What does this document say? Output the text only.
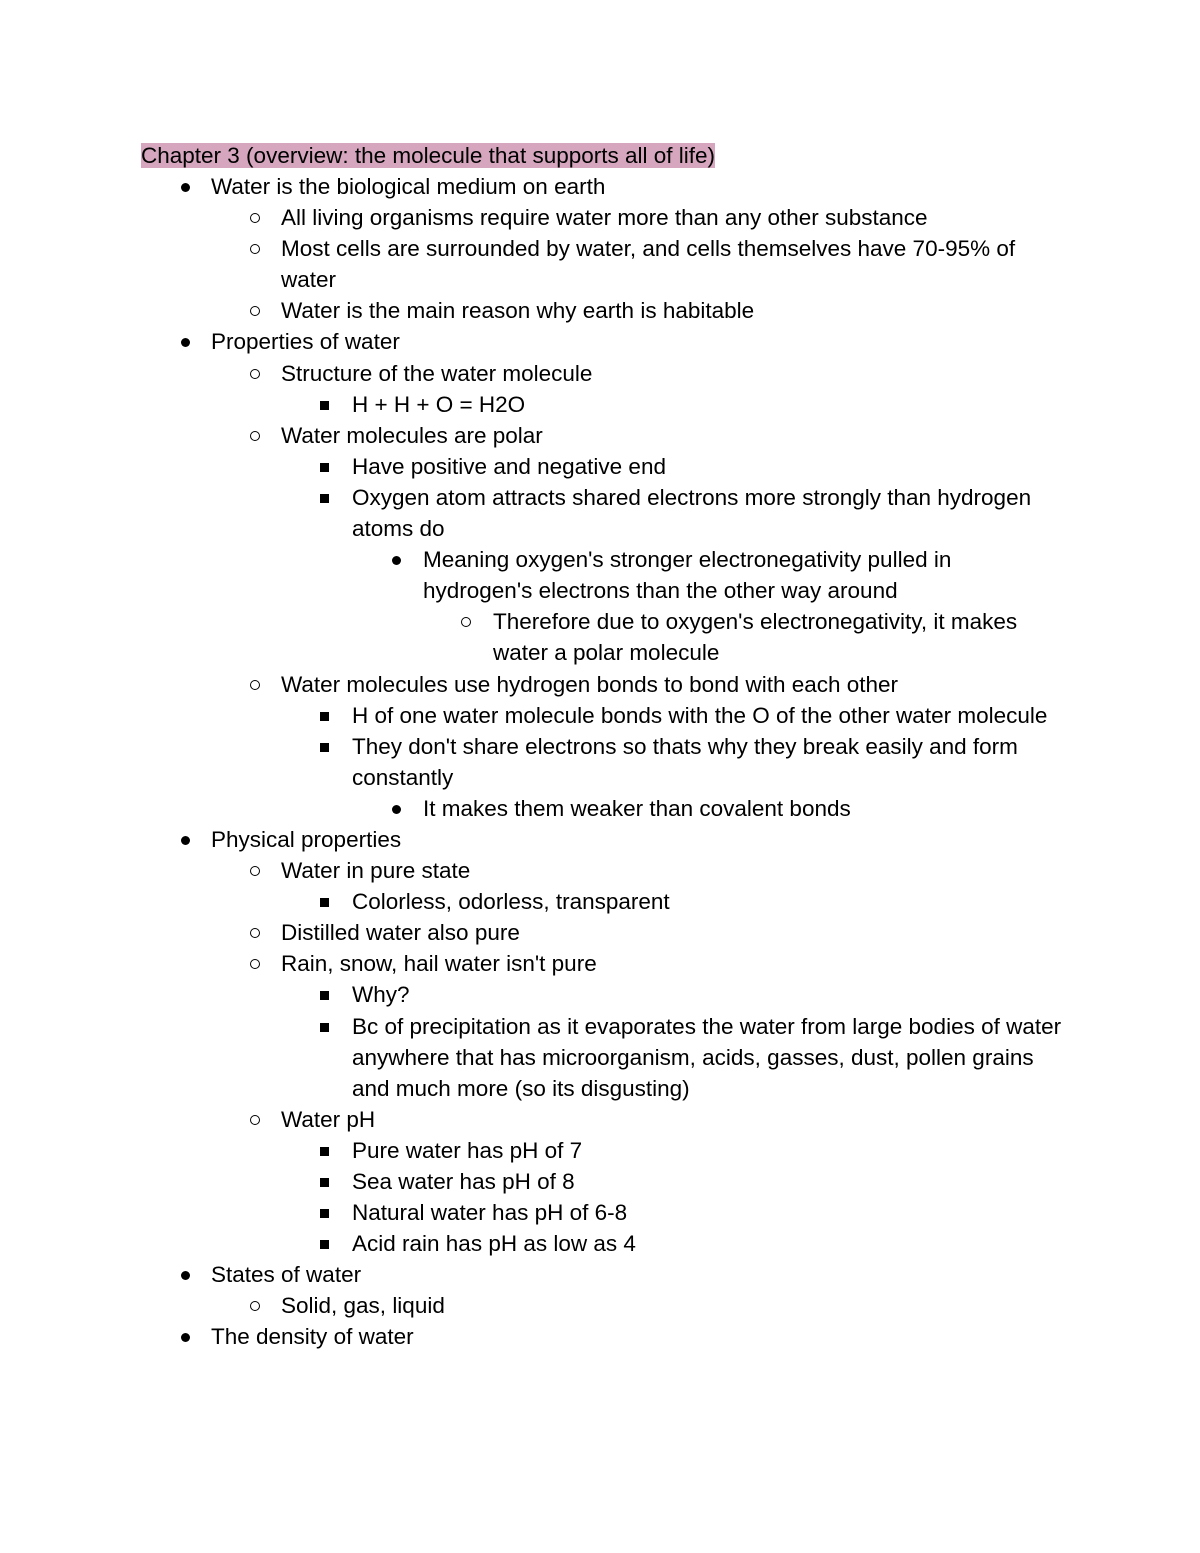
Chapter 3 (overview: the molecule that supports all of life)
Water is the biological medium on earth
All living organisms require water more than any other substance
Most cells are surrounded by water, and cells themselves have 70-95% of water
Water is the main reason why earth is habitable
Properties of water
Structure of the water molecule
H + H + O = H2O
Water molecules are polar
Have positive and negative end
Oxygen atom attracts shared electrons more strongly than hydrogen atoms do
Meaning oxygen's stronger electronegativity pulled in hydrogen's electrons than the other way around
Therefore due to oxygen's electronegativity, it makes water a polar molecule
Water molecules use hydrogen bonds to bond with each other
H of one water molecule bonds with the O of the other water molecule
They don't share electrons so thats why they break easily and form constantly
It makes them weaker than covalent bonds
Physical properties
Water in pure state
Colorless, odorless, transparent
Distilled water also pure
Rain, snow, hail water isn't pure
Why?
Bc of precipitation as it evaporates the water from large bodies of water anywhere that has microorganism, acids, gasses, dust, pollen grains and much more (so its disgusting)
Water pH
Pure water has pH of 7
Sea water has pH of 8
Natural water has pH of 6-8
Acid rain has pH as low as 4
States of water
Solid, gas, liquid
The density of water
